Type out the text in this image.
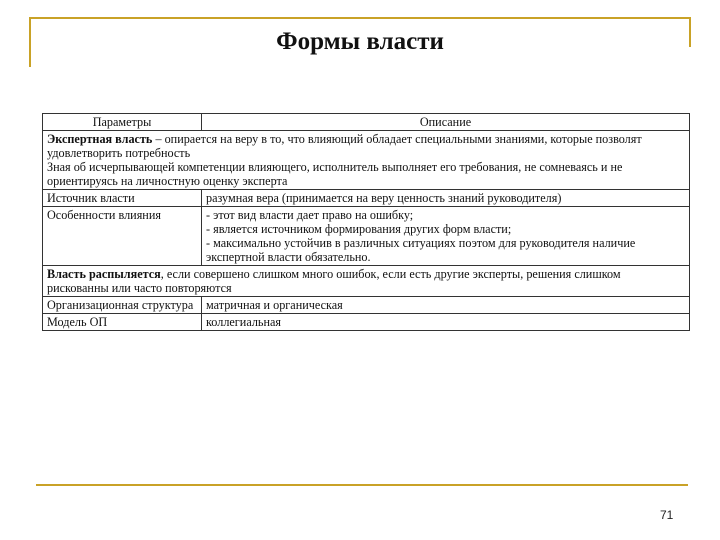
Формы власти
Параметры	Описание
Экспертная власть – опирается на веру в то, что влияющий обладает специальными знаниями, которые позволят удовлетворить потребность
Зная об исчерпывающей компетенции влияющего, исполнитель выполняет его требования, не сомневаясь и не ориентируясь на личностную оценку эксперта	

Источник власти	разумная вера (принимается на веру ценность знаний руководителя)
Особенности влияния	- этот вид власти дает право на ошибку;
- является источником формирования других форм власти;
- максимально устойчив в различных ситуациях поэтом для руководителя наличие экспертной власти обязательно.

Власть распыляется, если совершено слишком много ошибок, если есть другие эксперты, решения слишком рискованны или часто повторяются	
Организационная структура	матричная и органическая
Модель ОП	коллегиальная
71
